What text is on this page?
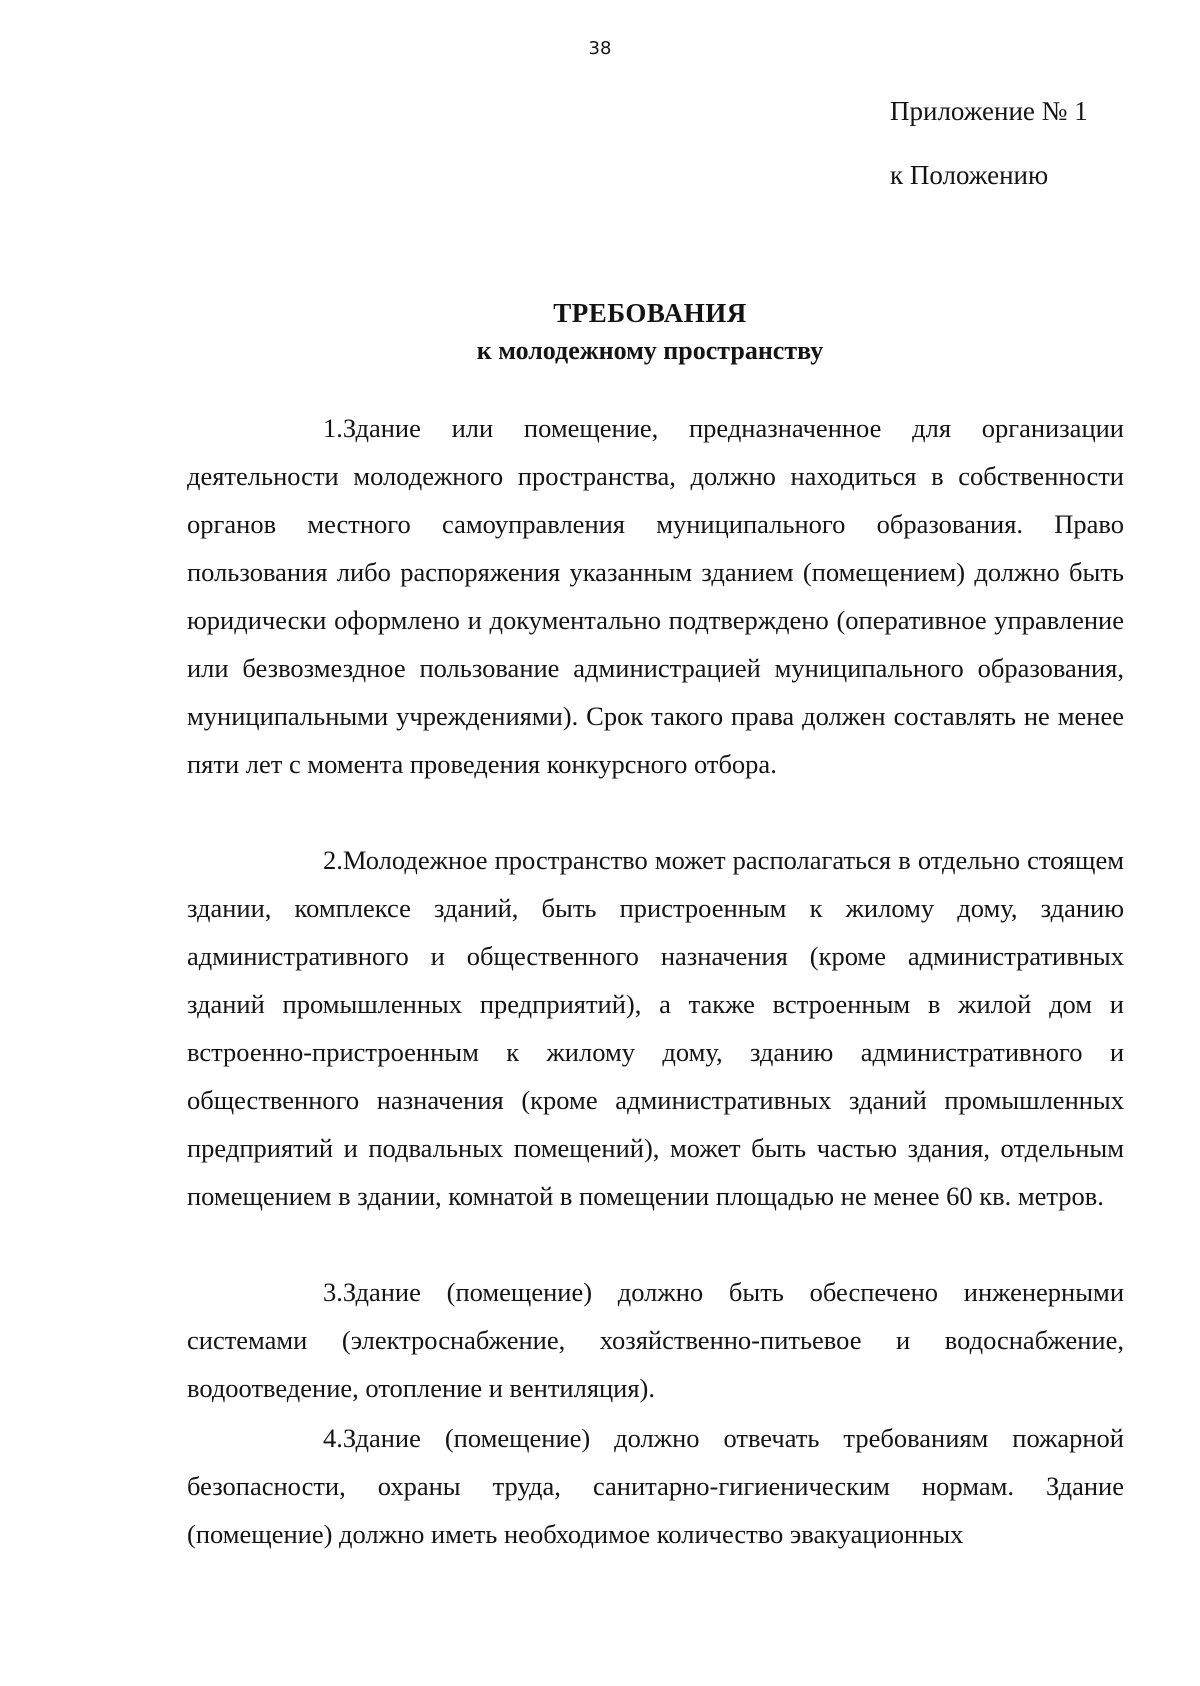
38
Приложение № 1
к Положению
ТРЕБОВАНИЯ
к молодежному пространству

1.Здание или помещение, предназначенное для организации деятельности молодежного пространства, должно находиться в собственности органов местного самоуправления муниципального образования. Право пользования либо распоряжения указанным зданием (помещением) должно быть юридически оформлено и документально подтверждено (оперативное управление или безвозмездное пользование администрацией муниципального образования, муниципальными учреждениями). Срок такого права должен составлять не менее пяти лет с момента проведения конкурсного отбора.

2.Молодежное пространство может располагаться в отдельно стоящем здании, комплексе зданий, быть пристроенным к жилому дому, зданию административного и общественного назначения (кроме административных зданий промышленных предприятий), а также встроенным в жилой дом и встроенно-пристроенным к жилому дому, зданию административного и общественного назначения (кроме административных зданий промышленных предприятий и подвальных помещений), может быть частью здания, отдельным помещением в здании, комнатой в помещении площадью не менее 60 кв. метров.

3.Здание (помещение) должно быть обеспечено инженерными системами (электроснабжение, хозяйственно-питьевое и водоснабжение, водоотведение, отопление и вентиляция).

4.Здание (помещение) должно отвечать требованиям пожарной безопасности, охраны труда, санитарно-гигиеническим нормам. Здание (помещение) должно иметь необходимое количество эвакуационных
